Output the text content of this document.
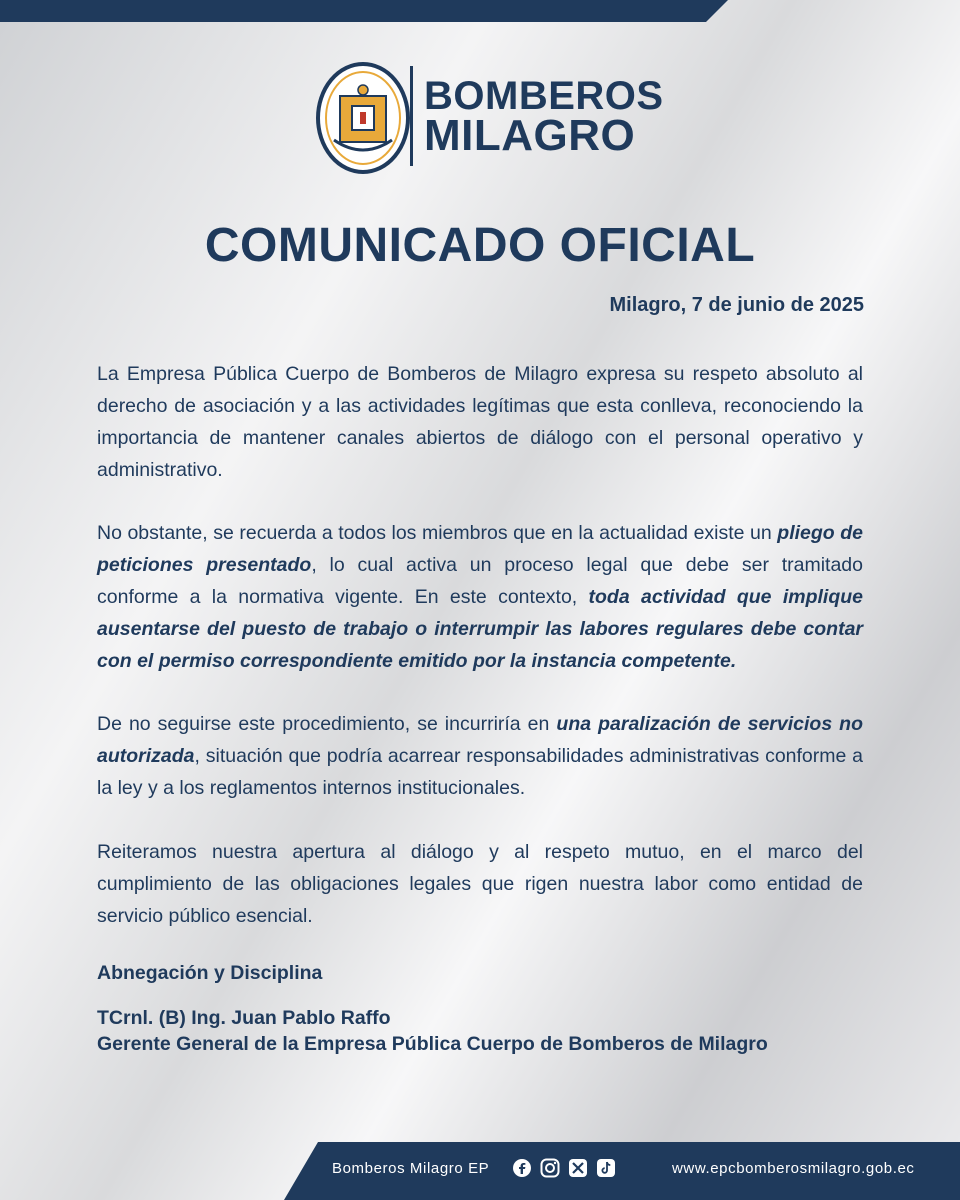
BOMBEROS
MILAGRO
COMUNICADO OFICIAL
Milagro, 7 de junio de 2025
La Empresa Pública Cuerpo de Bomberos de Milagro expresa su respeto absoluto al derecho de asociación y a las actividades legítimas que esta conlleva, reconociendo la importancia de mantener canales abiertos de diálogo con el personal operativo y administrativo.
No obstante, se recuerda a todos los miembros que en la actualidad existe un pliego de peticiones presentado, lo cual activa un proceso legal que debe ser tramitado conforme a la normativa vigente. En este contexto, toda actividad que implique ausentarse del puesto de trabajo o interrumpir las labores regulares debe contar con el permiso correspondiente emitido por la instancia competente.
De no seguirse este procedimiento, se incurriría en una paralización de servicios no autorizada, situación que podría acarrear responsabilidades administrativas conforme a la ley y a los reglamentos internos institucionales.
Reiteramos nuestra apertura al diálogo y al respeto mutuo, en el marco del cumplimiento de las obligaciones legales que rigen nuestra labor como entidad de servicio público esencial.
Abnegación y Disciplina
TCrnl. (B) Ing. Juan Pablo Raffo
Gerente General de la Empresa Pública Cuerpo de Bomberos de Milagro
Bomberos Milagro EP	www.epcbomberosmilagro.gob.ec
